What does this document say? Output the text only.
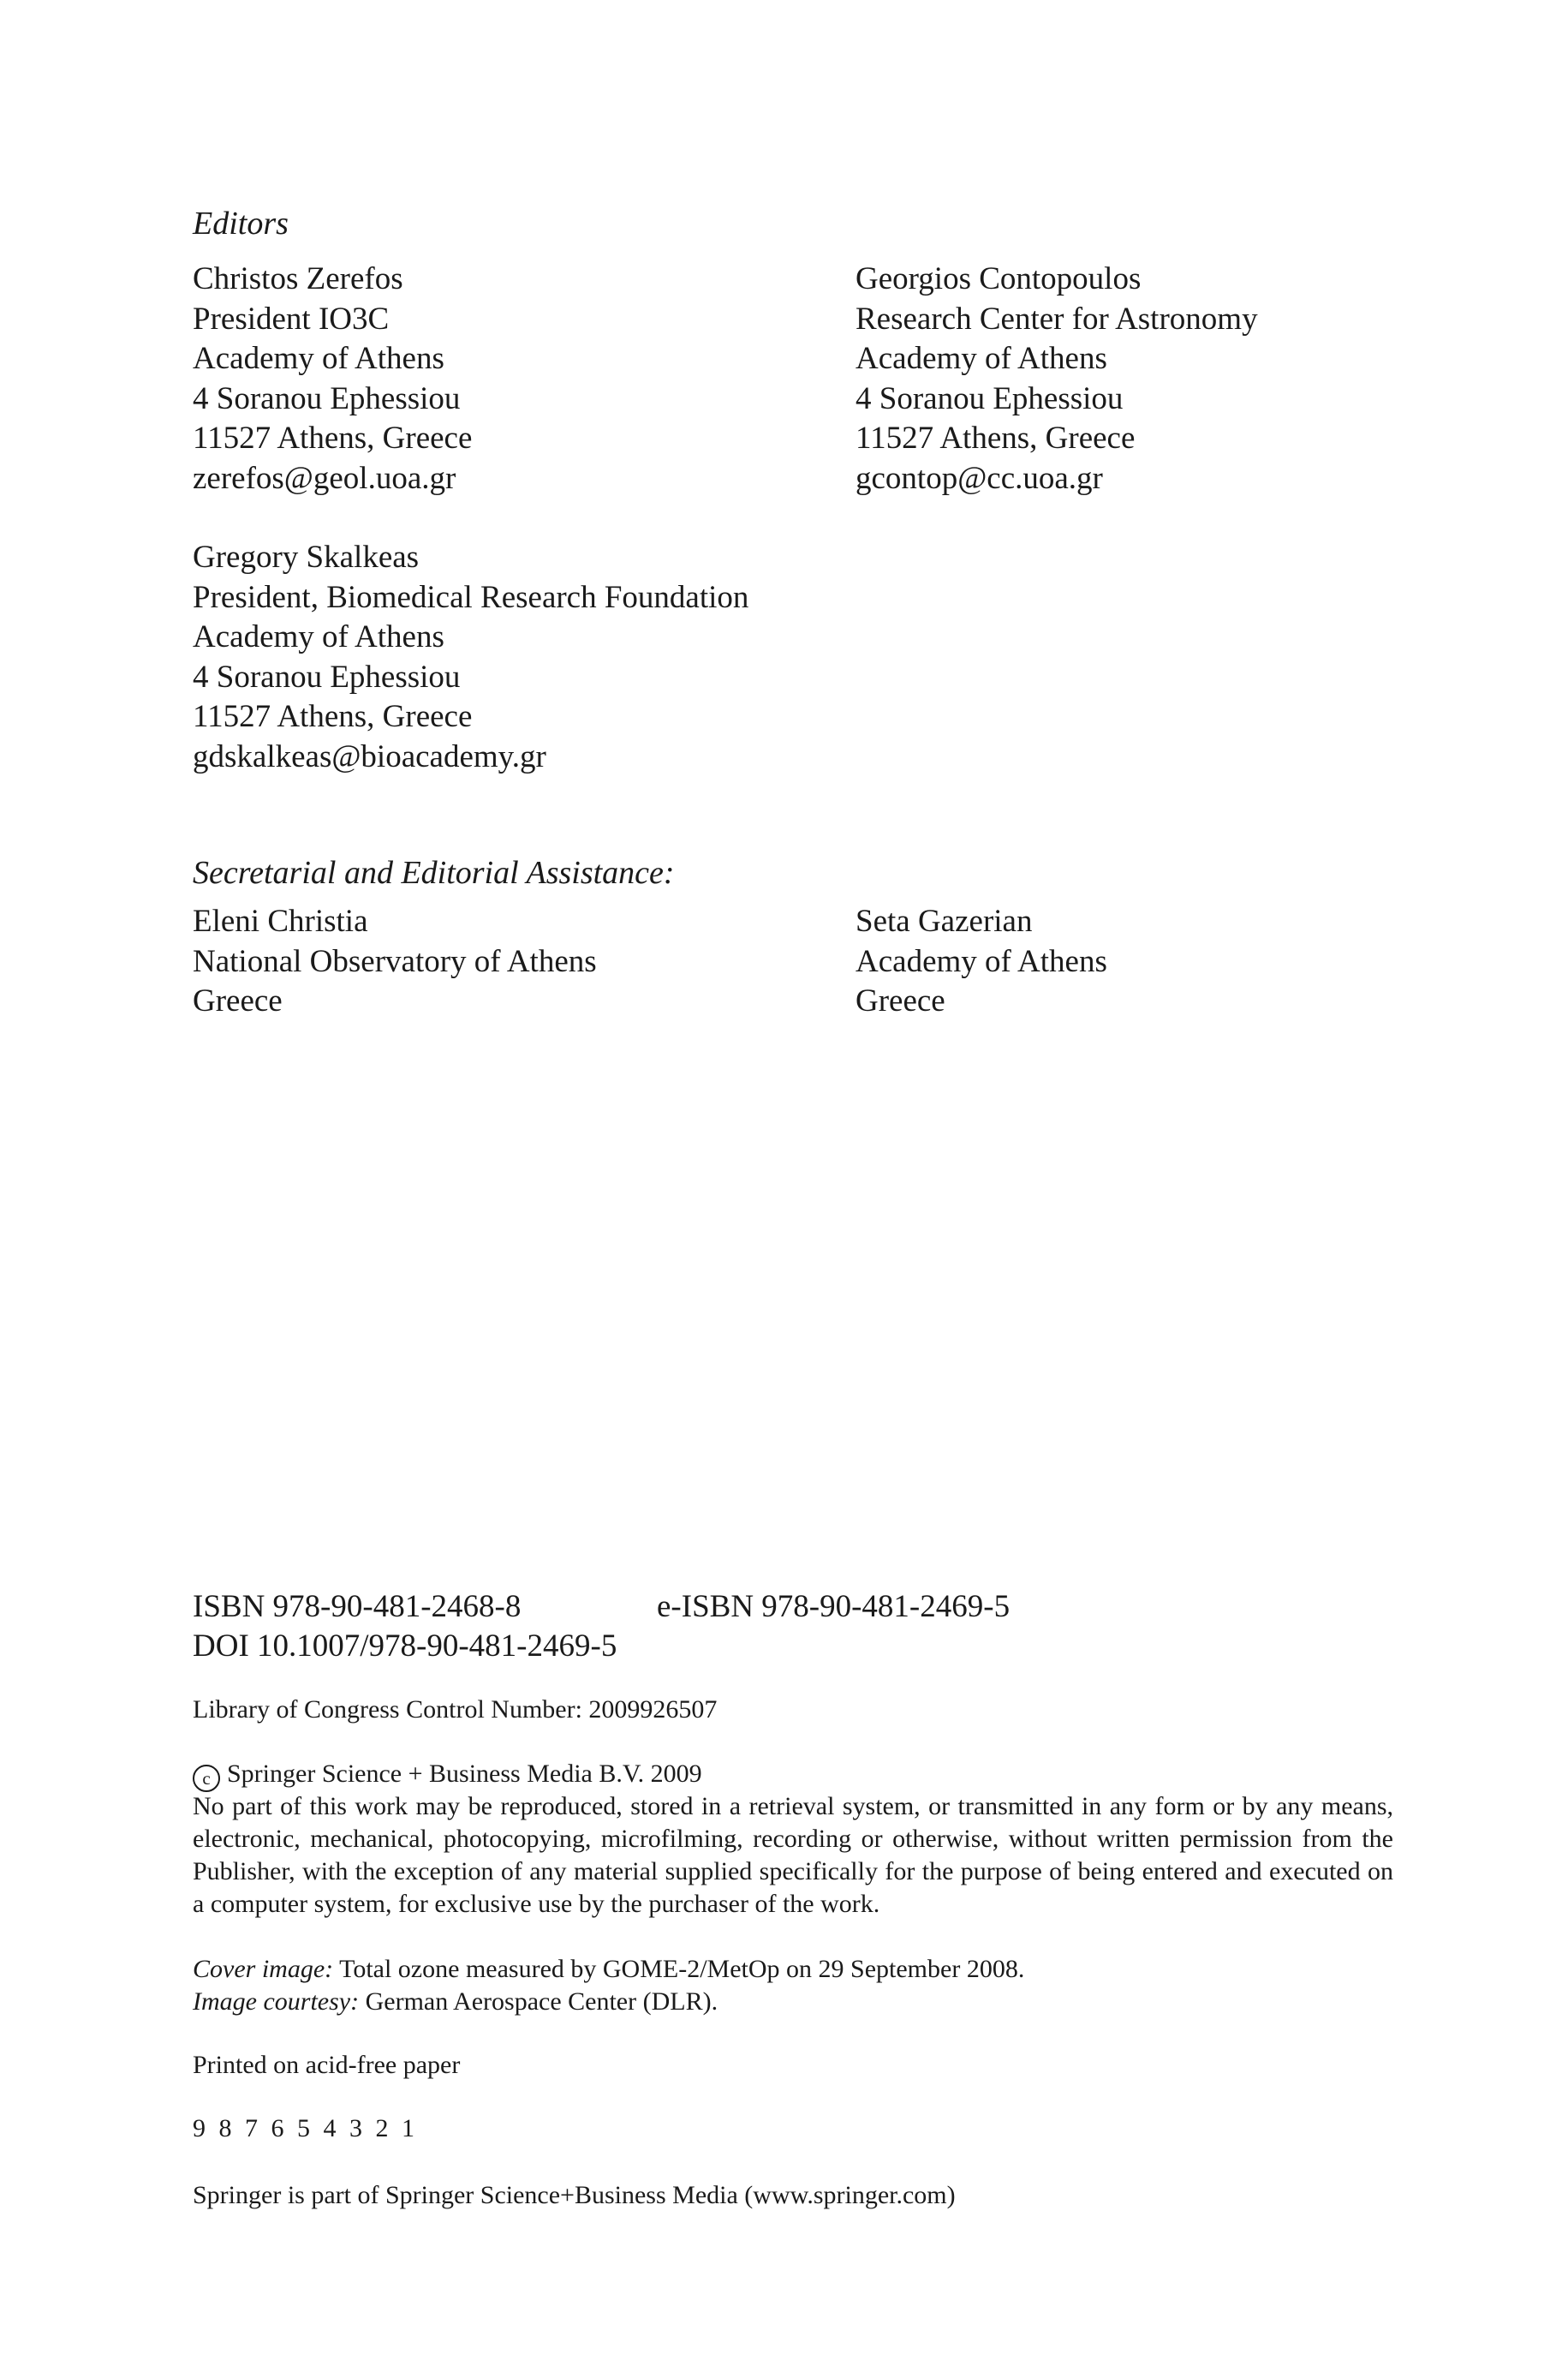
Editors
Christos Zerefos
President IO3C
Academy of Athens
4 Soranou Ephessiou
11527 Athens, Greece
zerefos@geol.uoa.gr
Georgios Contopoulos
Research Center for Astronomy
Academy of Athens
4 Soranou Ephessiou
11527 Athens, Greece
gcontop@cc.uoa.gr
Gregory Skalkeas
President, Biomedical Research Foundation
Academy of Athens
4 Soranou Ephessiou
11527 Athens, Greece
gdskalkeas@bioacademy.gr
Secretarial and Editorial Assistance:
Eleni Christia
National Observatory of Athens
Greece
Seta Gazerian
Academy of Athens
Greece
ISBN 978-90-481-2468-8	e-ISBN 978-90-481-2469-5
DOI 10.1007/978-90-481-2469-5
Library of Congress Control Number: 2009926507
c Springer Science + Business Media B.V. 2009
No part of this work may be reproduced, stored in a retrieval system, or transmitted in any form or by any means, electronic, mechanical, photocopying, microfilming, recording or otherwise, without written permission from the Publisher, with the exception of any material supplied specifically for the purpose of being entered and executed on a computer system, for exclusive use by the purchaser of the work.
Cover image: Total ozone measured by GOME-2/MetOp on 29 September 2008.
Image courtesy: German Aerospace Center (DLR).
Printed on acid-free paper
9 8 7 6 5 4 3 2 1
Springer is part of Springer Science+Business Media (www.springer.com)
